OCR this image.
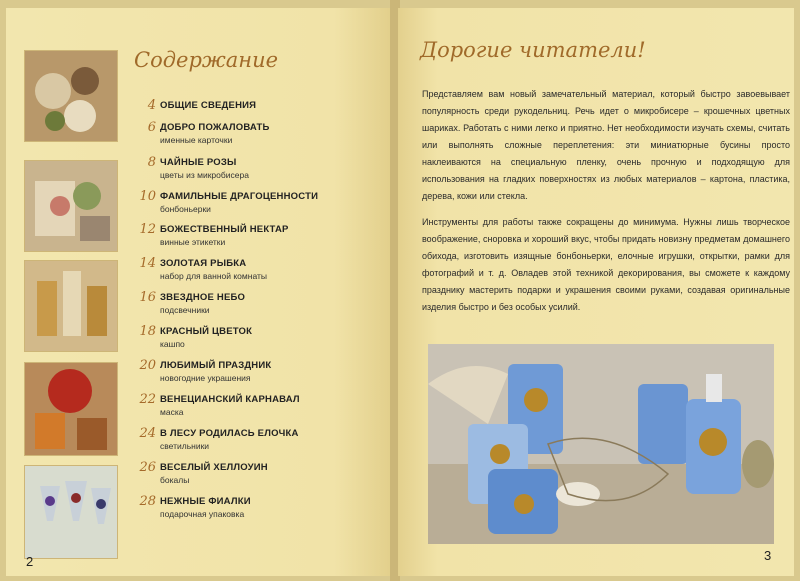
Содержание
4 ОБЩИЕ СВЕДЕНИЯ
6 ДОБРО ПОЖАЛОВАТЬ
именные карточки
8 ЧАЙНЫЕ РОЗЫ
цветы из микробисера
10 ФАМИЛЬНЫЕ ДРАГОЦЕННОСТИ
бонбоньерки
12 БОЖЕСТВЕННЫЙ НЕКТАР
винные этикетки
14 ЗОЛОТАЯ РЫБКА
набор для ванной комнаты
16 ЗВЕЗДНОЕ НЕБО
подсвечники
18 КРАСНЫЙ ЦВЕТОК
кашпо
20 ЛЮБИМЫЙ ПРАЗДНИК
новогодние украшения
22 ВЕНЕЦИАНСКИЙ КАРНАВАЛ
маска
24 В ЛЕСУ РОДИЛАСЬ ЕЛОЧКА
светильники
26 ВЕСЕЛЫЙ ХЕЛЛОУИН
бокалы
28 НЕЖНЫЕ ФИАЛКИ
подарочная упаковка
2
Дорогие читатели!

Представляем вам новый замечательный материал, который быстро завоевывает популярность среди рукодельниц. Речь идет о микробисере – крошечных цветных шариках. Работать с ними легко и приятно. Нет необходимости изучать схемы, считать или выполнять сложные переплетения: эти миниатюрные бусины просто наклеиваются на специальную пленку, очень прочную и подходящую для использования на гладких поверхностях из любых материалов – картона, пластика, дерева, кожи или стекла.

Инструменты для работы также сокращены до минимума. Нужны лишь творческое воображение, сноровка и хороший вкус, чтобы придать новизну предметам домашнего обихода, изготовить изящные бонбоньерки, елочные игрушки, открытки, рамки для фотографий и т. д. Овладев этой техникой декорирования, вы сможете к каждому празднику мастерить подарки и украшения своими руками, создавая оригинальные изделия быстро и без особых усилий.

3
